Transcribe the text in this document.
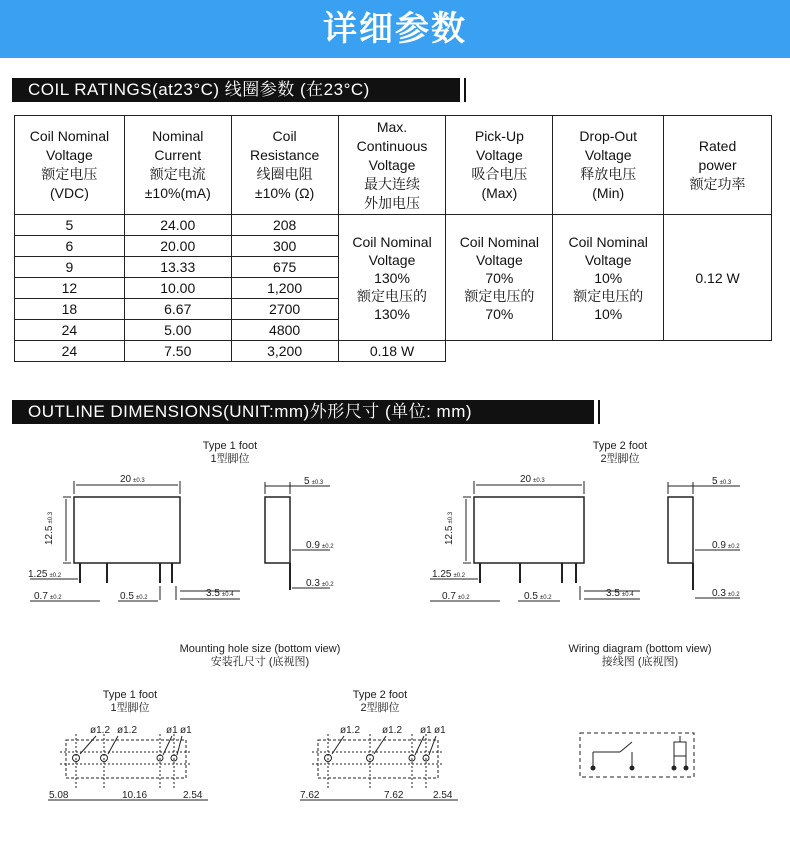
详细参数
COIL RATINGS(at23°C) 线圈参数 (在23°C)
Coil Nominal
Voltage
额定电压
(VDC)	Nominal
Current
额定电流
±10%(mA)	Coil
Resistance
线圈电阻
±10% (Ω)	Max.
Continuous
Voltage
最大连续
外加电压	Pick-Up
Voltage
吸合电压
(Max)	Drop-Out
Voltage
释放电压
(Min)	Rated
power
额定功率

5	24.00	208	Coil Nominal
Voltage
130%
额定电压的
130%	Coil Nominal
Voltage
70%
额定电压的
70%	Coil Nominal
Voltage
10%
额定电压的
10%	0.12 W
6	20.00	300				
9	13.33	675				
12	10.00	1,200				
18	6.67	2700				
24	5.00	4800				
24	7.50	3,200	0.18 W			
OUTLINE DIMENSIONS(UNIT:mm)外形尺寸 (单位: mm)
Type 1 foot
1型脚位
Type 2 foot
2型脚位
Mounting hole size (bottom view)
安装孔尺寸 (底视图)
Wiring diagram (bottom view)
接线图 (底视图)
Type 1 foot
1型脚位
Type 2 foot
2型脚位
20 ±0.3
12.5±0.3
1.25 ±0.2
0.7 ±0.2	0.5 ±0.2	3.5 ±0.4
5 ±0.3
0.9 ±0.2
0.3 ±0.2
20 ±0.3
12.5±0.3
1.25 ±0.2
0.7 ±0.2	0.5 ±0.2	3.5 ±0.4
5 ±0.3
0.9 ±0.2
0.3 ±0.2
ø1.2 ø1.2	ø1 ø1
5.08	10.16	2.54
ø1.2 ø1.2 ø1 ø1
7.62	7.62	2.54
